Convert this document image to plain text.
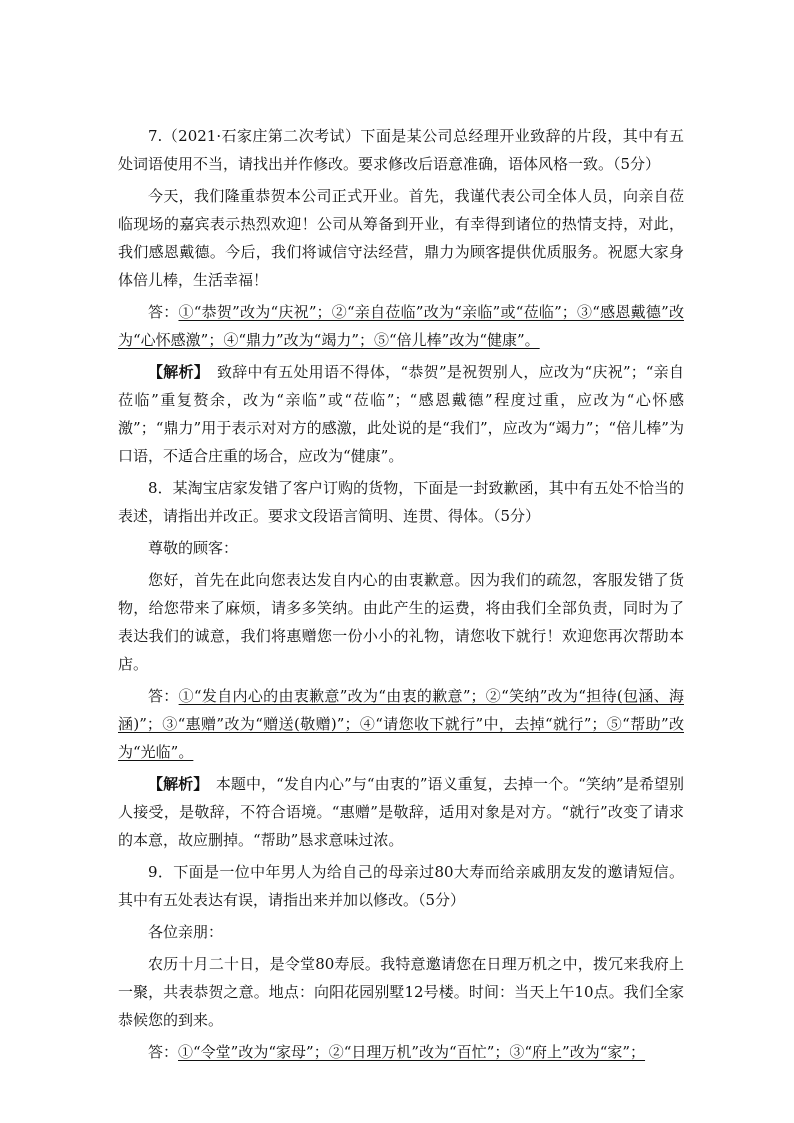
7.（2021·石家庄第二次考试）下面是某公司总经理开业致辞的片段，其中有五处词语使用不当，请找出并作修改。要求修改后语意准确，语体风格一致。（5分）

今天，我们隆重恭贺本公司正式开业。首先，我谨代表公司全体人员，向亲自莅临现场的嘉宾表示热烈欢迎！公司从筹备到开业，有幸得到诸位的热情支持，对此，我们感恩戴德。今后，我们将诚信守法经营，鼎力为顾客提供优质服务。祝愿大家身体倍儿棒，生活幸福！

答：①“恭贺”改为“庆祝”；②“亲自莅临”改为“亲临”或“莅临”；③“感恩戴德”改为“心怀感激”；④“鼎力”改为“竭力”；⑤“倍儿棒”改为“健康”。

【解析】　 致辞中有五处用语不得体，“恭贺”是祝贺别人，应改为“庆祝”；“亲自莅临”重复赘余，改为“亲临”或“莅临”；“感恩戴德”程度过重，应改为“心怀感激”；“鼎力”用于表示对对方的感激，此处说的是“我们”，应改为“竭力”；“倍儿棒”为口语，不适合庄重的场合，应改为“健康”。

8．某淘宝店家发错了客户订购的货物，下面是一封致歉函，其中有五处不恰当的表述，请指出并改正。要求文段语言简明、连贯、得体。（5分）

尊敬的顾客：

您好，首先在此向您表达发自内心的由衷歉意。因为我们的疏忽，客服发错了货物，给您带来了麻烦，请多多笑纳。由此产生的运费，将由我们全部负责，同时为了表达我们的诚意，我们将惠赠您一份小小的礼物，请您收下就行！欢迎您再次帮助本店。

答：①“发自内心的由衷歉意”改为“由衷的歉意”；②“笑纳”改为“担待(包涵、海涵)”；③“惠赠”改为“赠送(敬赠)”；④“请您收下就行”中，去掉“就行”；⑤“帮助”改为“光临”。

【解析】　 本题中，“发自内心”与“由衷的”语义重复，去掉一个。“笑纳”是希望别人接受，是敬辞，不符合语境。“惠赠”是敬辞，适用对象是对方。“就行”改变了请求的本意，故应删掉。“帮助”恳求意味过浓。

9．下面是一位中年男人为给自己的母亲过80大寿而给亲戚朋友发的邀请短信。其中有五处表达有误，请指出来并加以修改。（5分）

各位亲朋：

农历十月二十日，是令堂80寿辰。我特意邀请您在日理万机之中，拨冗来我府上一聚，共表恭贺之意。地点：向阳花园别墅12号楼。时间：当天上午10点。我们全家恭候您的到来。

答：①“令堂”改为“家母”；②“日理万机”改为“百忙”；③“府上”改为“家”；
